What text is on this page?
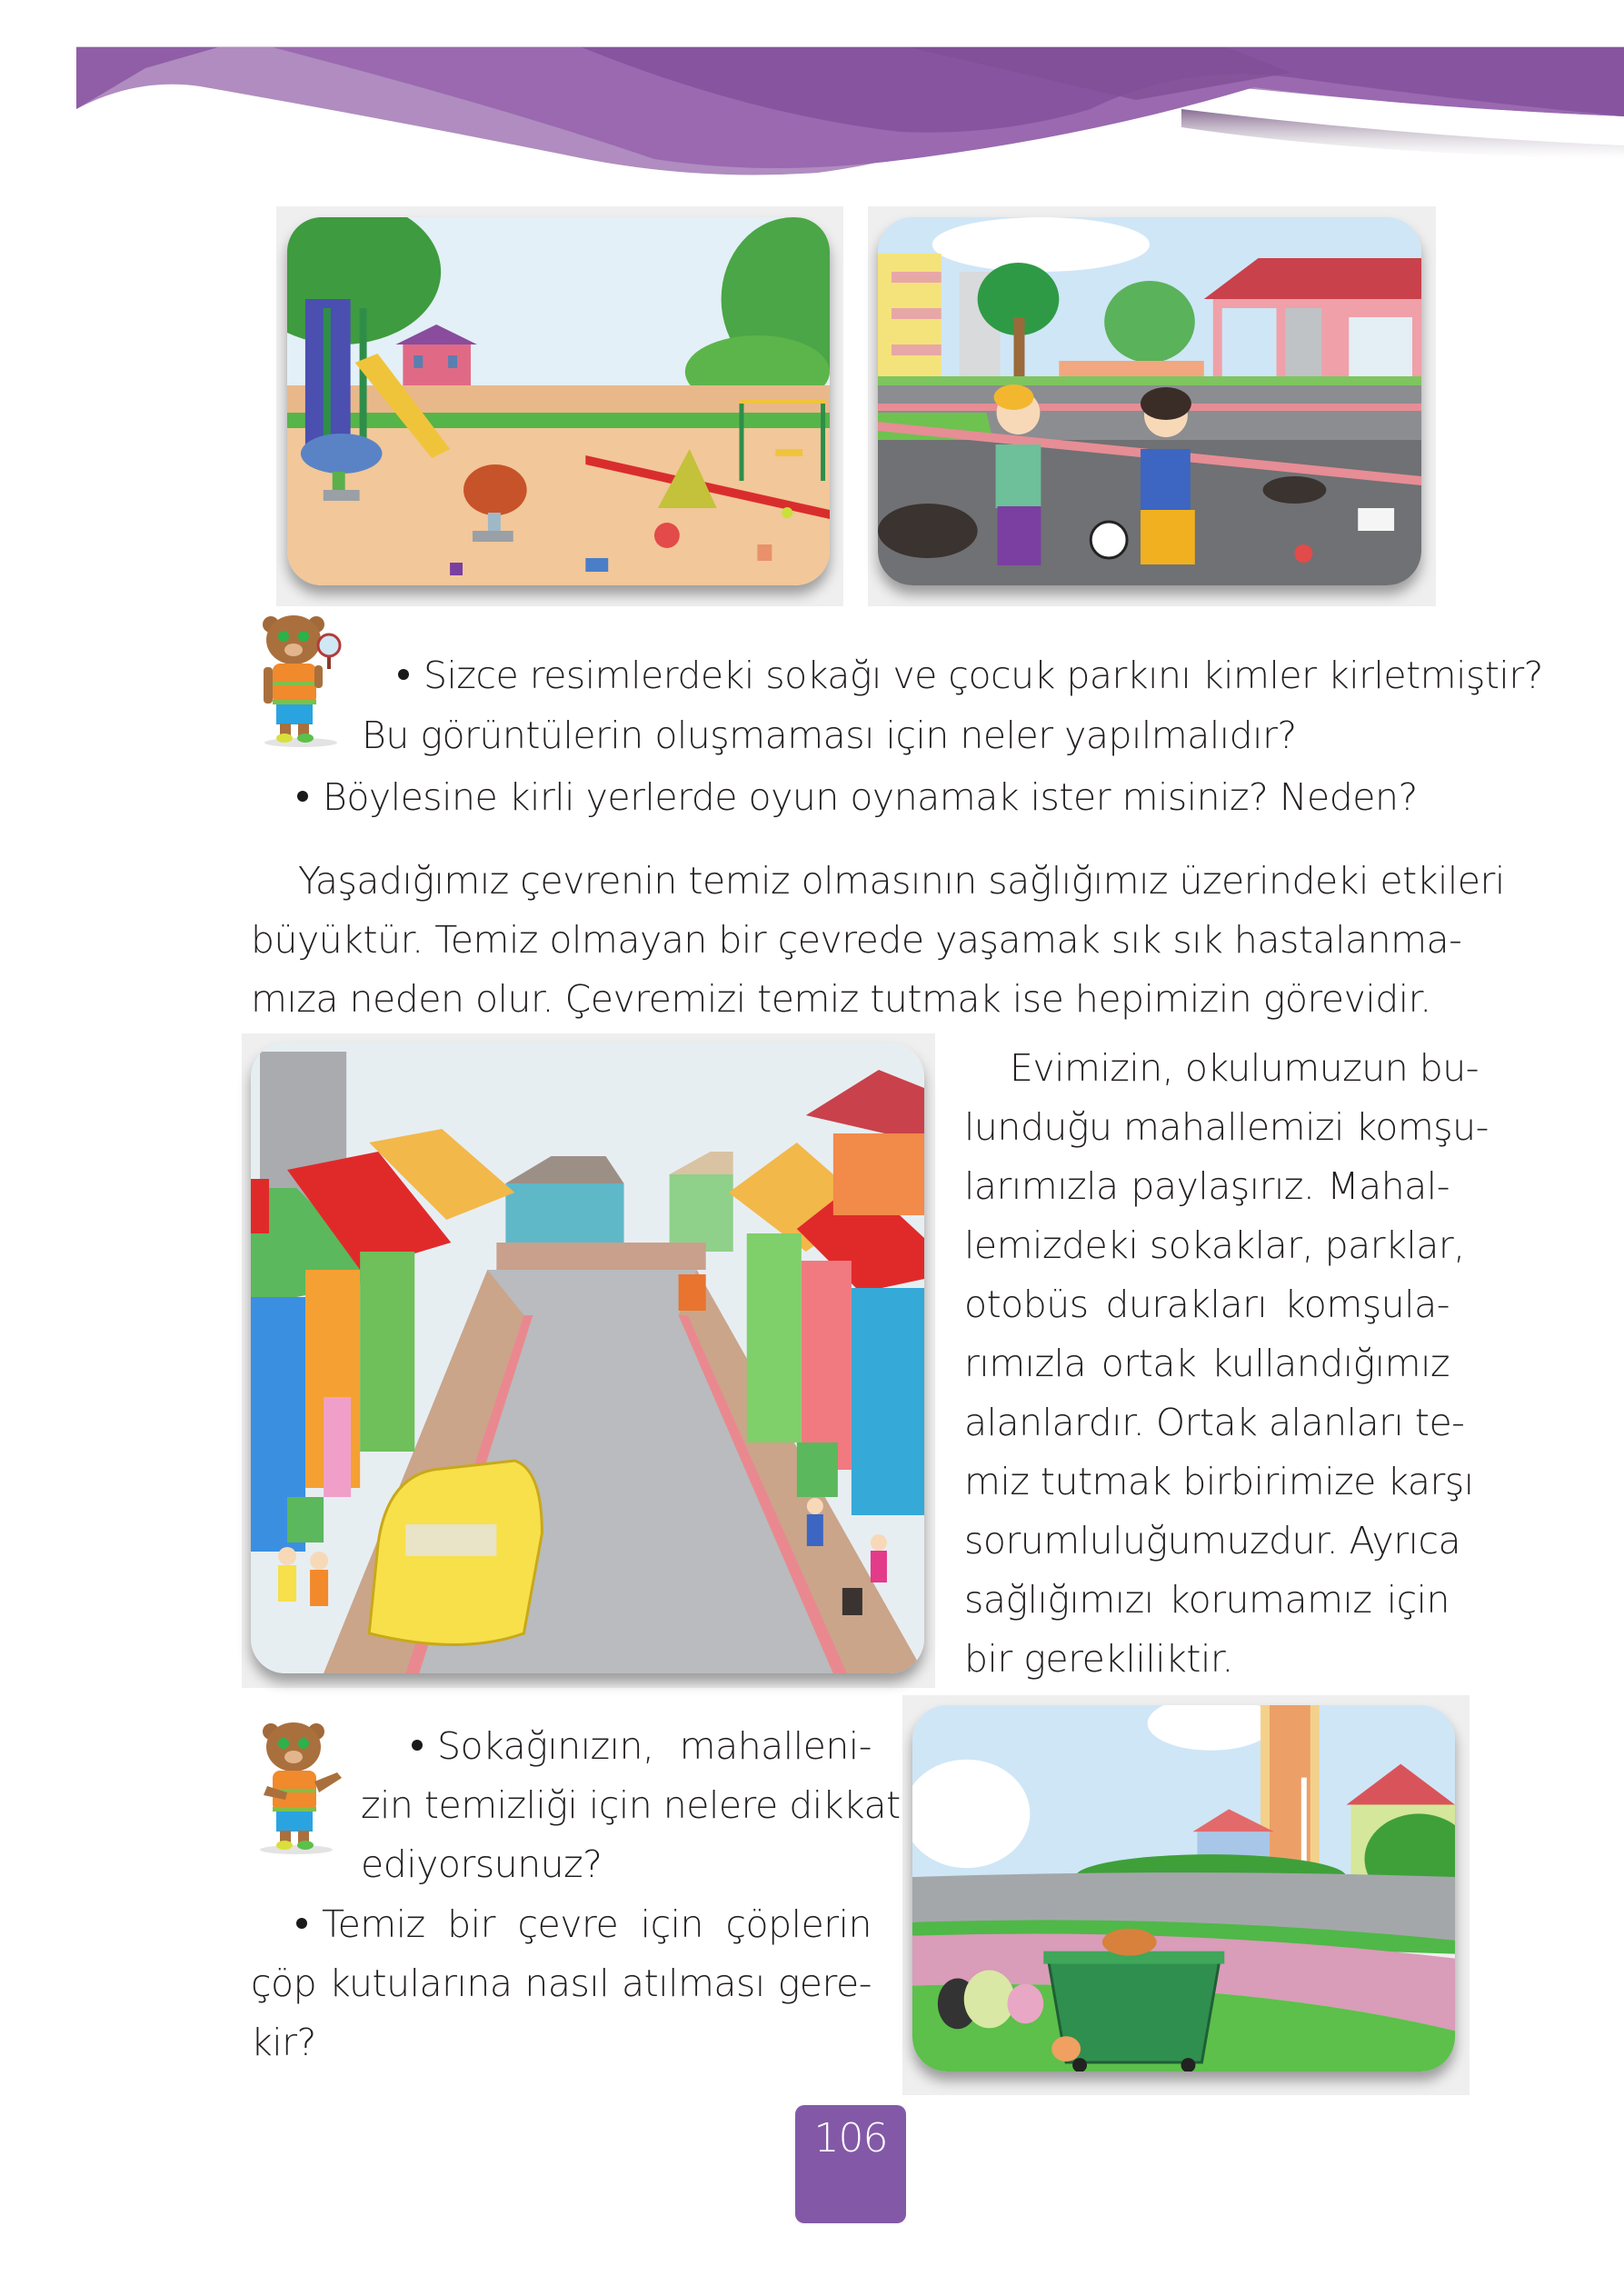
Sizce resimlerdeki sokağı ve çocuk parkını kimler kirletmiştir?
Bu görüntülerin oluşmaması için neler yapılmalıdır?
Böylesine kirli yerlerde oyun oynamak ister misiniz? Neden?
Yaşadığımız çevrenin temiz olmasının sağlığımız üzerindeki etkileri
büyüktür. Temiz olmayan bir çevrede yaşamak sık sık hastalanma-
mıza neden olur. Çevremizi temiz tutmak ise hepimizin görevidir.
Evimizin, okulumuzun bu-
lunduğu mahallemizi komşu-
larımızla paylaşırız. Mahal-
lemizdeki sokaklar, parklar,
otobüs durakları komşula-
rımızla ortak kullandığımız
alanlardır. Ortak alanları te-
miz tutmak birbirimize karşı
sorumluluğumuzdur. Ayrıca
sağlığımızı korumamız için
bir gerekliliktir.
Sokağınızın, mahalleni-
zin temizliği için nelere dikkat
ediyorsunuz?
Temiz bir çevre için çöplerin
çöp kutularına nasıl atılması gere-
kir?
106
